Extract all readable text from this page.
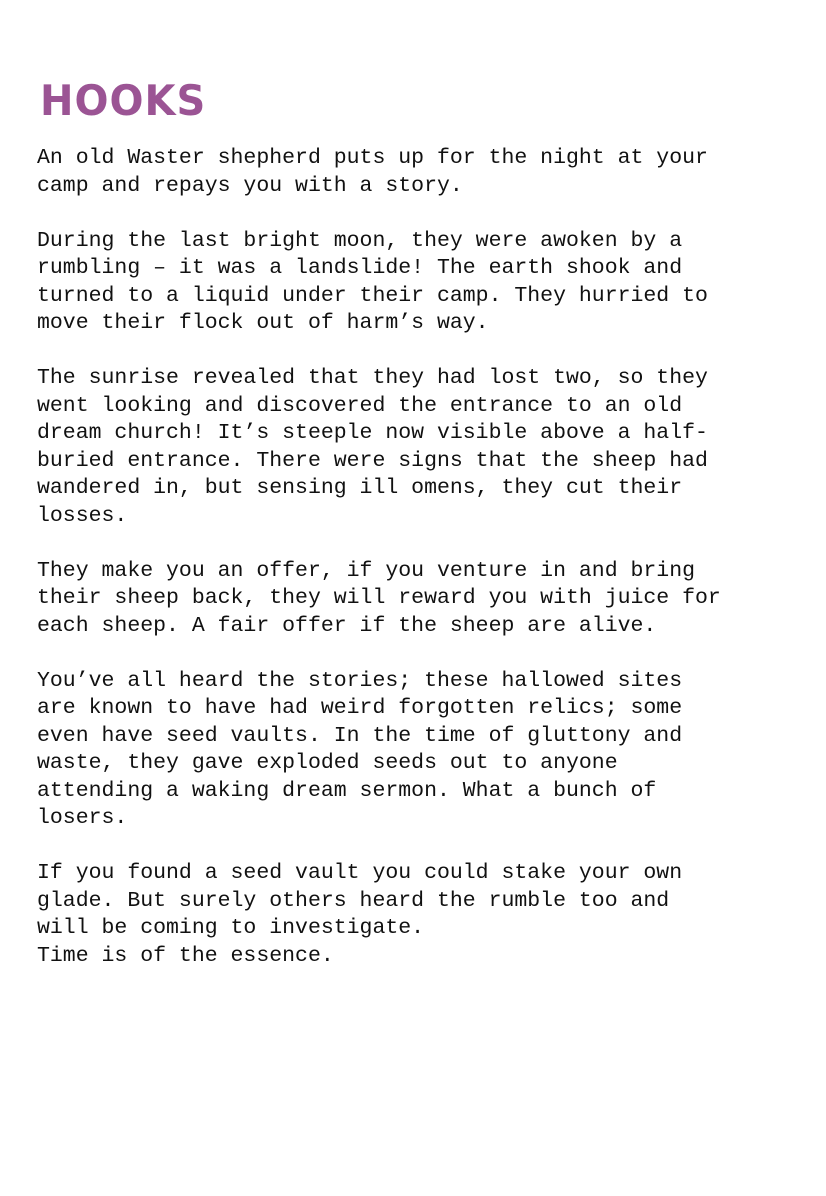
HOOKS

An old Waster shepherd puts up for the night at your
camp and repays you with a story.

During the last bright moon, they were awoken by a
rumbling – it was a landslide! The earth shook and
turned to a liquid under their camp. They hurried to
move their flock out of harm’s way.

The sunrise revealed that they had lost two, so they
went looking and discovered the entrance to an old
dream church! It’s steeple now visible above a half-
buried entrance. There were signs that the sheep had
wandered in, but sensing ill omens, they cut their
losses.

They make you an offer, if you venture in and bring
their sheep back, they will reward you with juice for
each sheep. A fair offer if the sheep are alive.

You’ve all heard the stories; these hallowed sites
are known to have had weird forgotten relics; some
even have seed vaults. In the time of gluttony and
waste, they gave exploded seeds out to anyone
attending a waking dream sermon. What a bunch of
losers.

If you found a seed vault you could stake your own
glade. But surely others heard the rumble too and
will be coming to investigate.
Time is of the essence.
